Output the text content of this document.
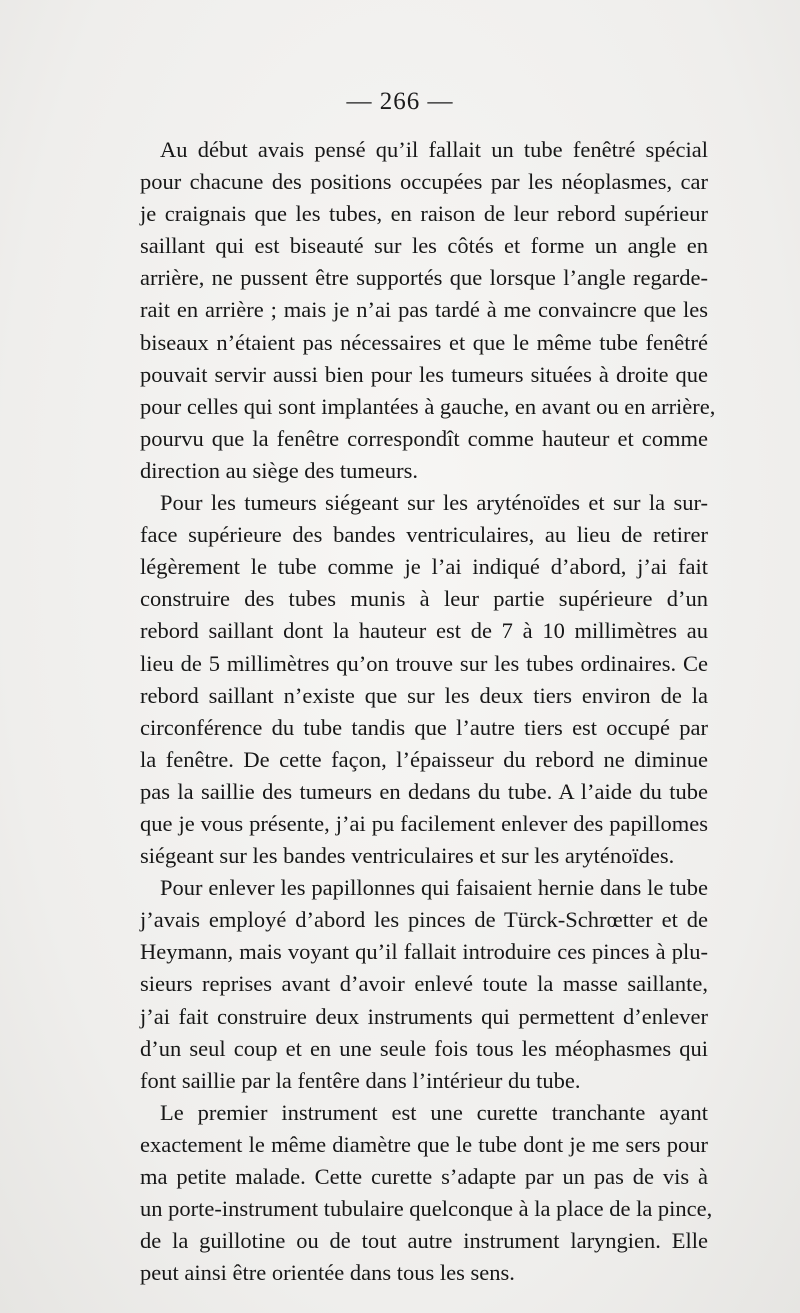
— 266 —
Au début avais pensé qu’il fallait un tube fenêtré spécial
pour chacune des positions occupées par les néoplasmes, car
je craignais que les tubes, en raison de leur rebord supérieur
saillant qui est biseauté sur les côtés et forme un angle en
arrière, ne pussent être supportés que lorsque l’angle regarde-
rait en arrière ; mais je n’ai pas tardé à me convaincre que les
biseaux n’étaient pas nécessaires et que le même tube fenêtré
pouvait servir aussi bien pour les tumeurs situées à droite que
pour celles qui sont implantées à gauche, en avant ou en arrière,
pourvu que la fenêtre correspondît comme hauteur et comme
direction au siège des tumeurs.
Pour les tumeurs siégeant sur les aryténoïdes et sur la sur-
face supérieure des bandes ventriculaires, au lieu de retirer
légèrement le tube comme je l’ai indiqué d’abord, j’ai fait
construire des tubes munis à leur partie supérieure d’un
rebord saillant dont la hauteur est de 7 à 10 millimètres au
lieu de 5 millimètres qu’on trouve sur les tubes ordinaires. Ce
rebord saillant n’existe que sur les deux tiers environ de la
circonférence du tube tandis que l’autre tiers est occupé par
la fenêtre. De cette façon, l’épaisseur du rebord ne diminue
pas la saillie des tumeurs en dedans du tube. A l’aide du tube
que je vous présente, j’ai pu facilement enlever des papillomes
siégeant sur les bandes ventriculaires et sur les aryténoïdes.
Pour enlever les papillonnes qui faisaient hernie dans le tube
j’avais employé d’abord les pinces de Türck-Schrœtter et de
Heymann, mais voyant qu’il fallait introduire ces pinces à plu-
sieurs reprises avant d’avoir enlevé toute la masse saillante,
j’ai fait construire deux instruments qui permettent d’enlever
d’un seul coup et en une seule fois tous les méophasmes qui
font saillie par la fentêre dans l’intérieur du tube.
Le premier instrument est une curette tranchante ayant
exactement le même diamètre que le tube dont je me sers pour
ma petite malade. Cette curette s’adapte par un pas de vis à
un porte-instrument tubulaire quelconque à la place de la pince,
de la guillotine ou de tout autre instrument laryngien. Elle
peut ainsi être orientée dans tous les sens.
